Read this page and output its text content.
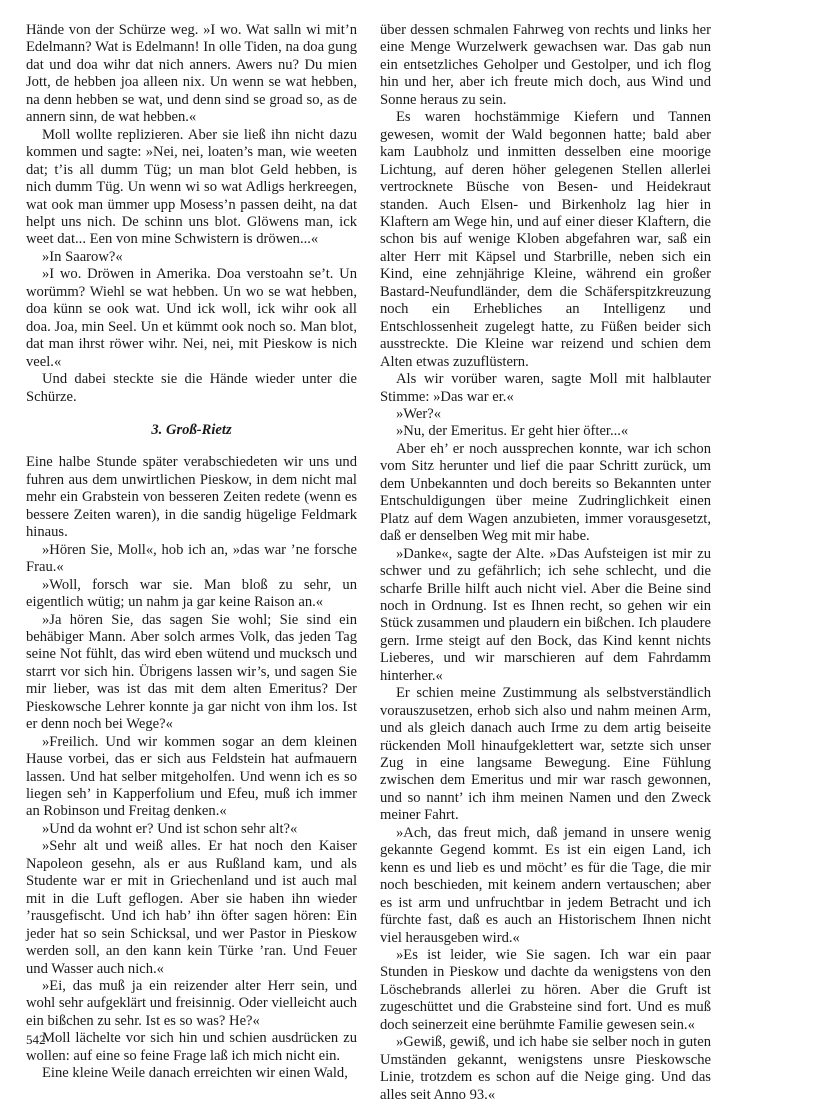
Hände von der Schürze weg. »I wo. Wat salln wi mit’n Edelmann? Wat is Edelmann! In olle Tiden, na doa gung dat und doa wihr dat nich anners. Awers nu? Du mien Jott, de hebben joa alleen nix. Un wenn se wat hebben, na denn hebben se wat, und denn sind se groad so, as de annern sinn, de wat hebben.«

Moll wollte replizieren. Aber sie ließ ihn nicht dazu kommen und sagte: »Nei, nei, loaten’s man, wie weeten dat; t’is all dumm Tüg; un man blot Geld hebben, is nich dumm Tüg. Un wenn wi so wat Adligs herkreegen, wat ook man ümmer upp Mosess’n passen deiht, na dat helpt uns nich. De schinn uns blot. Glöwens man, ick weet dat... Een von mine Schwistern is dröwen...«

»In Saarow?«

»I wo. Dröwen in Amerika. Doa verstoahn se’t. Un worümm? Wiehl se wat hebben. Un wo se wat hebben, doa künn se ook wat. Und ick woll, ick wihr ook all doa. Joa, min Seel. Un et kümmt ook noch so. Man blot, dat man ihrst röwer wihr. Nei, nei, mit Pieskow is nich veel.«

Und dabei steckte sie die Hände wieder unter die Schürze.

3. Groß-Rietz

Eine halbe Stunde später verabschiedeten wir uns und fuhren aus dem unwirtlichen Pieskow, in dem nicht mal mehr ein Grabstein von besseren Zeiten redete (wenn es bessere Zeiten waren), in die sandig hügelige Feldmark hinaus.

»Hören Sie, Moll«, hob ich an, »das war ’ne forsche Frau.«

»Woll, forsch war sie. Man bloß zu sehr, un eigentlich wütig; un nahm ja gar keine Raison an.«

»Ja hören Sie, das sagen Sie wohl; Sie sind ein behäbiger Mann. Aber solch armes Volk, das jeden Tag seine Not fühlt, das wird eben wütend und mucksch und starrt vor sich hin. Übrigens lassen wir’s, und sagen Sie mir lieber, was ist das mit dem alten Emeritus? Der Pieskowsche Lehrer konnte ja gar nicht von ihm los. Ist er denn noch bei Wege?«

»Freilich. Und wir kommen sogar an dem kleinen Hause vorbei, das er sich aus Feldstein hat aufmauern lassen. Und hat selber mitgeholfen. Und wenn ich es so liegen seh’ in Kapperfolium und Efeu, muß ich immer an Robinson und Freitag denken.«

»Und da wohnt er? Und ist schon sehr alt?«

»Sehr alt und weiß alles. Er hat noch den Kaiser Napoleon gesehn, als er aus Rußland kam, und als Studente war er mit in Griechenland und ist auch mal mit in die Luft geflogen. Aber sie haben ihn wieder ’rausgefischt. Und ich hab’ ihn öfter sagen hören: Ein jeder hat so sein Schicksal, und wer Pastor in Pieskow werden soll, an den kann kein Türke ’ran. Und Feuer und Wasser auch nich.«

»Ei, das muß ja ein reizender alter Herr sein, und wohl sehr aufgeklärt und freisinnig. Oder vielleicht auch ein bißchen zu sehr. Ist es so was? He?«

Moll lächelte vor sich hin und schien ausdrücken zu wollen: auf eine so feine Frage laß ich mich nicht ein.

Eine kleine Weile danach erreichten wir einen Wald,

über dessen schmalen Fahrweg von rechts und links her eine Menge Wurzelwerk gewachsen war. Das gab nun ein entsetzliches Geholper und Gestolper, und ich flog hin und her, aber ich freute mich doch, aus Wind und Sonne heraus zu sein.

Es waren hochstämmige Kiefern und Tannen gewesen, womit der Wald begonnen hatte; bald aber kam Laubholz und inmitten desselben eine moorige Lichtung, auf deren höher gelegenen Stellen allerlei vertrocknete Büsche von Besen- und Heidekraut standen. Auch Elsen- und Birkenholz lag hier in Klaftern am Wege hin, und auf einer dieser Klaftern, die schon bis auf wenige Kloben abgefahren war, saß ein alter Herr mit Käpsel und Starbrille, neben sich ein Kind, eine zehnjährige Kleine, während ein großer Bastard-Neufundländer, dem die Schäferspitzkreuzung noch ein Erhebliches an Intelligenz und Entschlossenheit zugelegt hatte, zu Füßen beider sich ausstreckte. Die Kleine war reizend und schien dem Alten etwas zuzuflüstern.

Als wir vorüber waren, sagte Moll mit halblauter Stimme: »Das war er.«

»Wer?«

»Nu, der Emeritus. Er geht hier öfter...«

Aber eh’ er noch aussprechen konnte, war ich schon vom Sitz herunter und lief die paar Schritt zurück, um dem Unbekannten und doch bereits so Bekannten unter Entschuldigungen über meine Zudringlichkeit einen Platz auf dem Wagen anzubieten, immer vorausgesetzt, daß er denselben Weg mit mir habe.

»Danke«, sagte der Alte. »Das Aufsteigen ist mir zu schwer und zu gefährlich; ich sehe schlecht, und die scharfe Brille hilft auch nicht viel. Aber die Beine sind noch in Ordnung. Ist es Ihnen recht, so gehen wir ein Stück zusammen und plaudern ein bißchen. Ich plaudere gern. Irme steigt auf den Bock, das Kind kennt nichts Lieberes, und wir marschieren auf dem Fahrdamm hinterher.«

Er schien meine Zustimmung als selbstverständlich vorauszusetzen, erhob sich also und nahm meinen Arm, und als gleich danach auch Irme zu dem artig beiseite rückenden Moll hinaufgeklettert war, setzte sich unser Zug in eine langsame Bewegung. Eine Fühlung zwischen dem Emeritus und mir war rasch gewonnen, und so nannt’ ich ihm meinen Namen und den Zweck meiner Fahrt.

»Ach, das freut mich, daß jemand in unsere wenig gekannte Gegend kommt. Es ist ein eigen Land, ich kenn es und lieb es und möcht’ es für die Tage, die mir noch beschieden, mit keinem andern vertauschen; aber es ist arm und unfruchtbar in jedem Betracht und ich fürchte fast, daß es auch an Historischem Ihnen nicht viel herausgeben wird.«

»Es ist leider, wie Sie sagen. Ich war ein paar Stunden in Pieskow und dachte da wenigstens von den Löschebrands allerlei zu hören. Aber die Gruft ist zugeschüttet und die Grabsteine sind fort. Und es muß doch seinerzeit eine berühmte Familie gewesen sein.«

»Gewiß, gewiß, und ich habe sie selber noch in guten Umständen gekannt, wenigstens unsre Pieskowsche Linie, trotzdem es schon auf die Neige ging. Und das alles seit Anno 93.«

542
